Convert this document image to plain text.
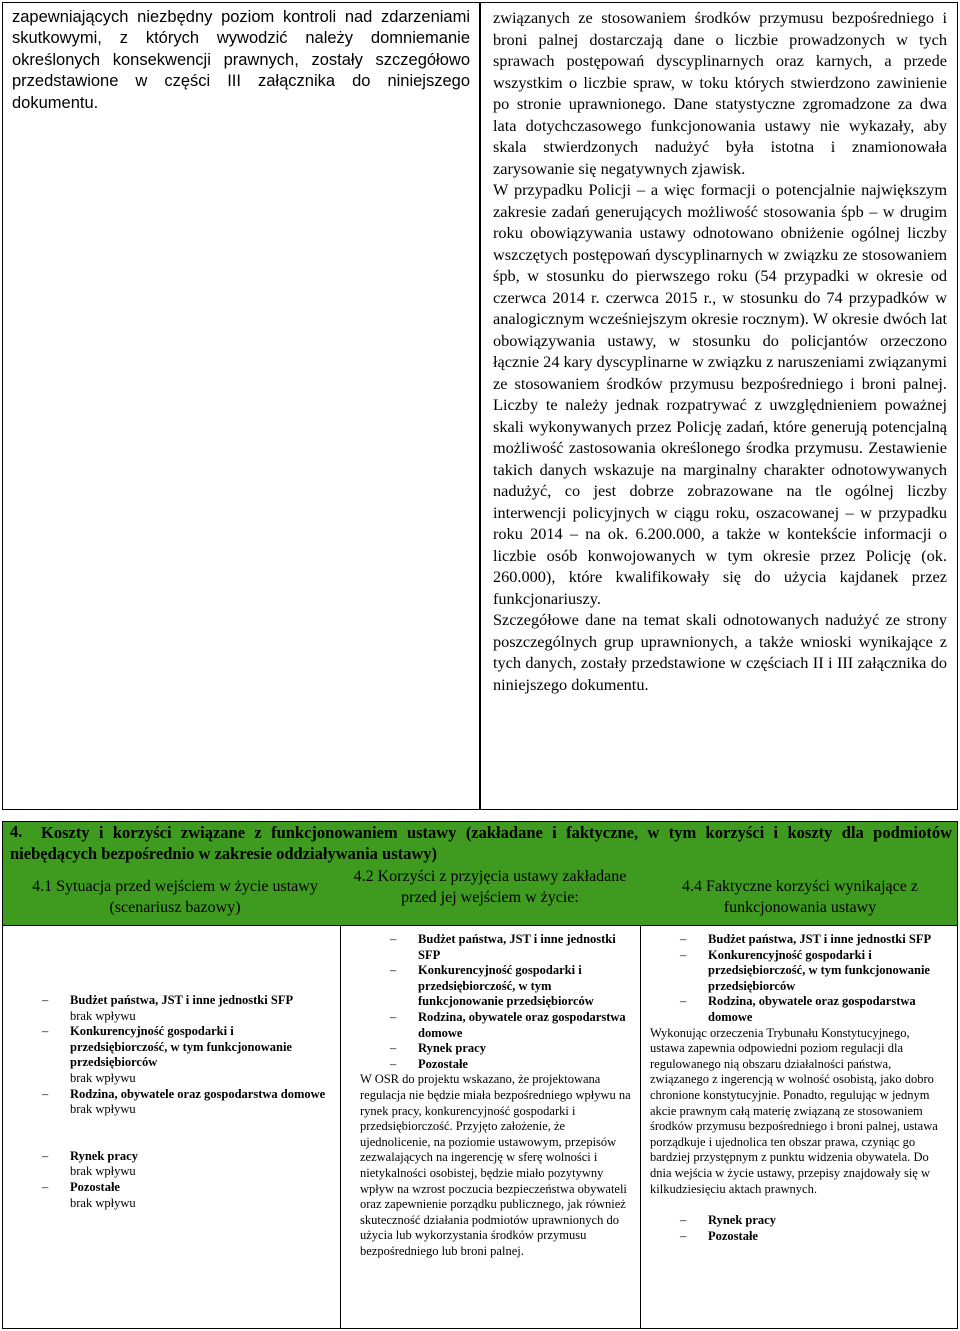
zapewniających niezbędny poziom kontroli nad zdarzeniami skutkowymi, z których wywodzić należy domniemanie określonych konsekwencji prawnych, zostały szczegółowo przedstawione w części III załącznika do niniejszego dokumentu.

związanych ze stosowaniem środków przymusu bezpośredniego i broni palnej dostarczają dane o liczbie prowadzonych w tych sprawach postępowań dyscyplinarnych oraz karnych, a przede wszystkim o liczbie spraw, w toku których stwierdzono zawinienie po stronie uprawnionego. Dane statystyczne zgromadzone za dwa lata dotychczasowego funkcjonowania ustawy nie wykazały, aby skala stwierdzonych nadużyć była istotna i znamionowała zarysowanie się negatywnych zjawisk.

W przypadku Policji – a więc formacji o potencjalnie największym zakresie zadań generujących możliwość stosowania śpb – w drugim roku obowiązywania ustawy odnotowano obniżenie ogólnej liczby wszczętych postępowań dyscyplinarnych w związku ze stosowaniem śpb, w stosunku do pierwszego roku (54 przypadki w okresie od czerwca 2014 r. czerwca 2015 r., w stosunku do 74 przypadków w analogicznym wcześniejszym okresie rocznym). W okresie dwóch lat obowiązywania ustawy, w stosunku do policjantów orzeczono łącznie 24 kary dyscyplinarne w związku z naruszeniami związanymi ze stosowaniem środków przymusu bezpośredniego i broni palnej. Liczby te należy jednak rozpatrywać z uwzględnieniem poważnej skali wykonywanych przez Policję zadań, które generują potencjalną możliwość zastosowania określonego środka przymusu. Zestawienie takich danych wskazuje na marginalny charakter odnotowywanych nadużyć, co jest dobrze zobrazowane na tle ogólnej liczby interwencji policyjnych w ciągu roku, oszacowanej – w przypadku roku 2014 – na ok. 6.200.000, a także w kontekście informacji o liczbie osób konwojowanych w tym okresie przez Policję (ok. 260.000), które kwalifikowały się do użycia kajdanek przez funkcjonariuszy.

Szczegółowe dane na temat skali odnotowanych nadużyć ze strony poszczególnych grup uprawnionych, a także wnioski wynikające z tych danych, zostały przedstawione w częściach II i III załącznika do niniejszego dokumentu.

4.	Koszty i korzyści związane z funkcjonowaniem ustawy (zakładane i faktyczne, w tym korzyści i koszty dla podmiotów niebędących bezpośrednio w zakresie oddziaływania ustawy)
4.1 Sytuacja przed wejściem w życie ustawy (scenariusz bazowy)
4.2 Korzyści z przyjęcia ustawy zakładane przed jej wejściem w życie:
4.4 Faktyczne korzyści wynikające z funkcjonowania ustawy
– Budżet państwa, JST i inne jednostki SFP
brak wpływu
– Konkurencyjność gospodarki i przedsiębiorczość, w tym funkcjonowanie przedsiębiorców
brak wpływu
– Rodzina, obywatele oraz gospodarstwa domowe
brak wpływu
– Rynek pracy
brak wpływu
– Pozostałe
brak wpływu
– Budżet państwa, JST i inne jednostki SFP
– Konkurencyjność gospodarki i przedsiębiorczość, w tym funkcjonowanie przedsiębiorców
– Rodzina, obywatele oraz gospodarstwa domowe
– Rynek pracy
– Pozostałe

W OSR do projektu wskazano, że projektowana regulacja nie będzie miała bezpośredniego wpływu na rynek pracy, konkurencyjność gospodarki i przedsiębiorczość. Przyjęto założenie, że ujednolicenie, na poziomie ustawowym, przepisów zezwalających na ingerencję w sferę wolności i nietykalności osobistej, będzie miało pozytywny wpływ na wzrost poczucia bezpieczeństwa obywateli oraz zapewnienie porządku publicznego, jak również skuteczność działania podmiotów uprawnionych do użycia lub wykorzystania środków przymusu bezpośredniego lub broni palnej.

– Budżet państwa, JST i inne jednostki SFP
– Konkurencyjność gospodarki i przedsiębiorczość, w tym funkcjonowanie przedsiębiorców
– Rodzina, obywatele oraz gospodarstwa domowe

Wykonując orzeczenia Trybunału Konstytucyjnego, ustawa zapewnia odpowiedni poziom regulacji dla regulowanego nią obszaru działalności państwa, związanego z ingerencją w wolność osobistą, jako dobro chronione konstytucyjnie. Ponadto, regulując w jednym akcie prawnym całą materię związaną ze stosowaniem środków przymusu bezpośredniego i broni palnej, ustawa porządkuje i ujednolica ten obszar prawa, czyniąc go bardziej przystępnym z punktu widzenia obywatela. Do dnia wejścia w życie ustawy, przepisy znajdowały się w kilkudziesięciu aktach prawnych.

– Rynek pracy
– Pozostałe
